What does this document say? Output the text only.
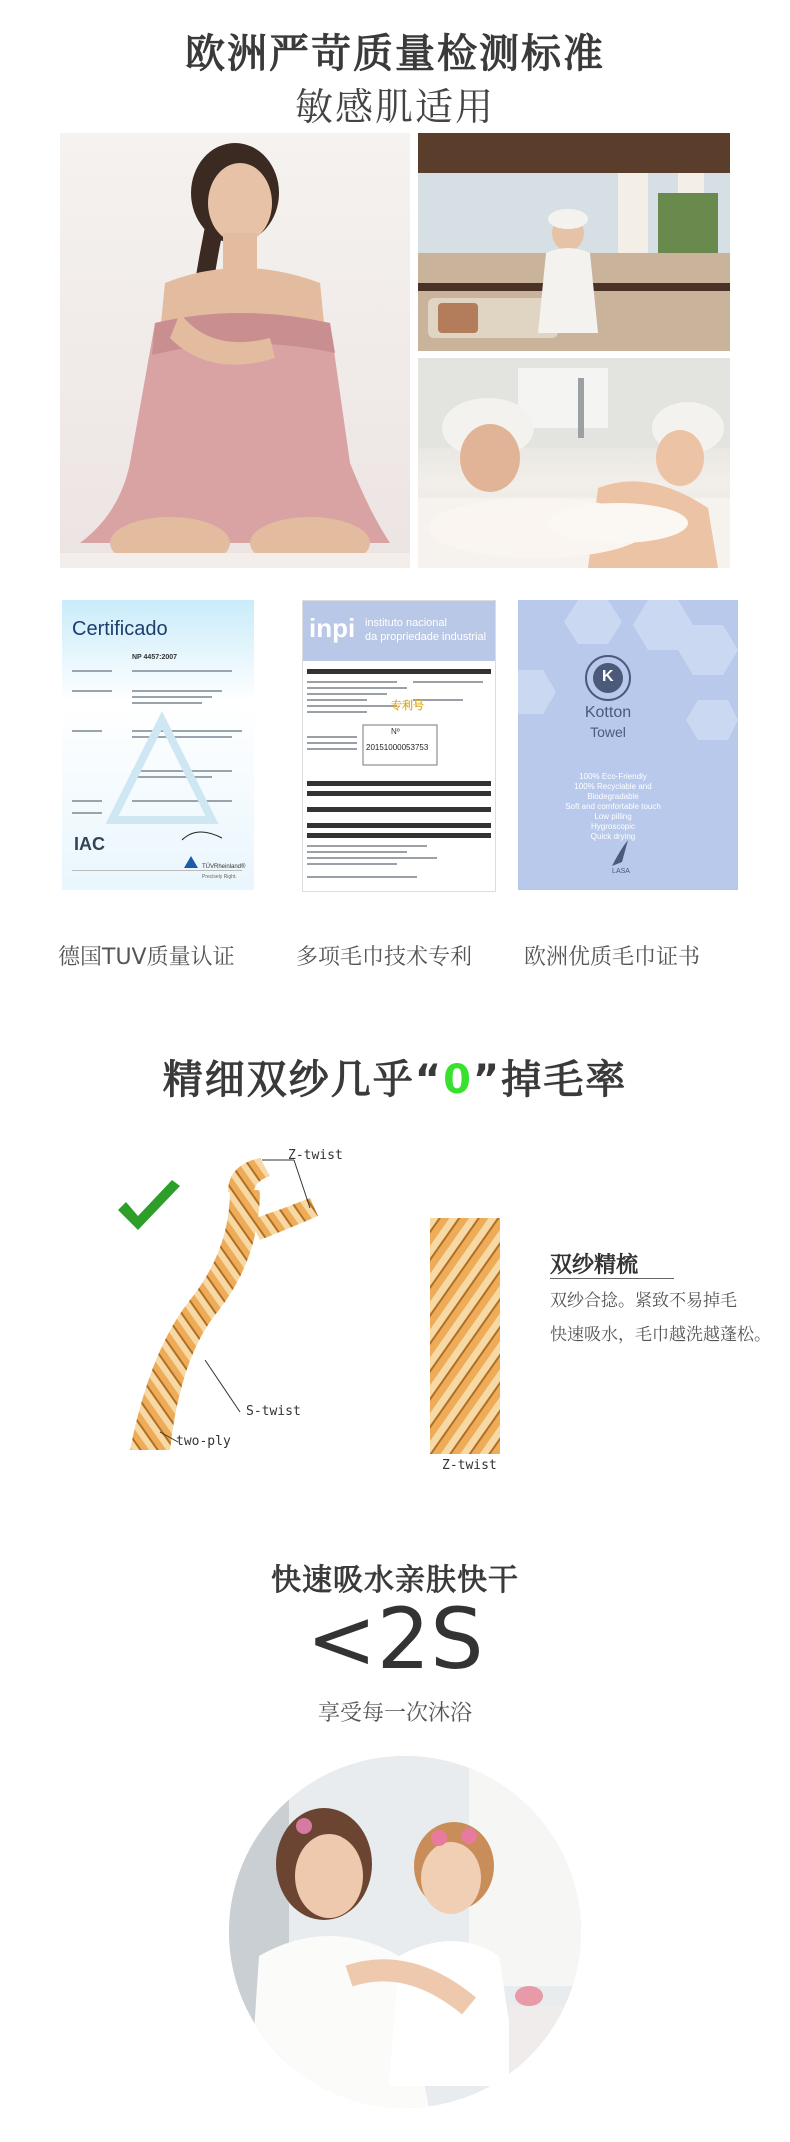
欧洲严苛质量检测标准
敏感肌适用
Certificado
NP 4457:2007
IAC
TÜVRheinland®
Precisely Right.
inpi instituto nacional
da propriedade industrial
专利号
Nº
20151000053753
K
Kotton
Towel
100% Eco-Friendly
100% Recyclable and
Biodegradable
Soft and comfortable touch
Low pilling
Hygroscopic
Quick drying
LASA
德国TUV质量认证	多项毛巾技术专利 欧洲优质毛巾证书
精细双纱几乎“0”掉毛率
Z-twist
S-twist
two-ply
Z-twist
双纱精梳
双纱合捻。紧致不易掉毛
快速吸水，毛巾越洗越蓬松。
快速吸水亲肤快干
<2S
享受每一次沐浴
